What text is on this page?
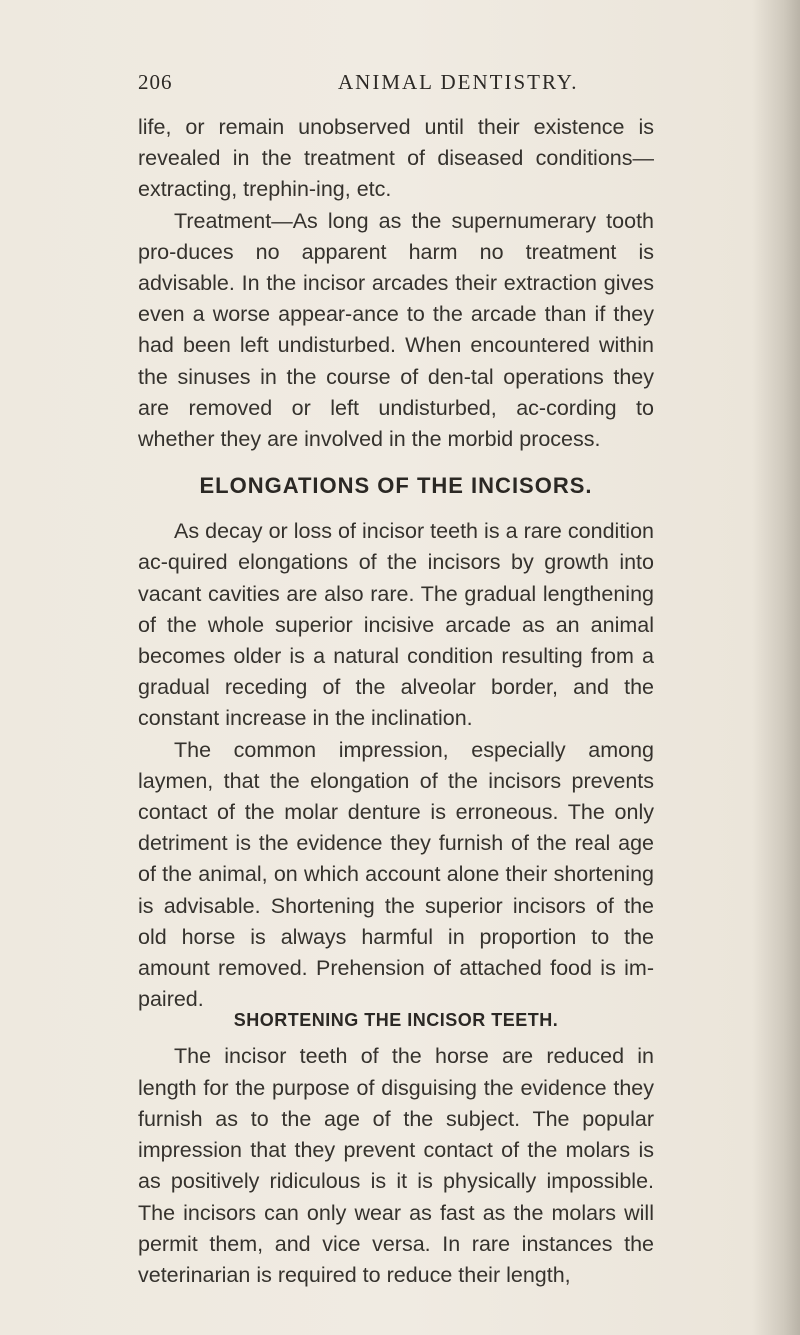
206	ANIMAL DENTISTRY.

life, or remain unobserved until their existence is revealed in the treatment of diseased conditions—extracting, trephin-ing, etc.

Treatment—As long as the supernumerary tooth pro-duces no apparent harm no treatment is advisable. In the incisor arcades their extraction gives even a worse appear-ance to the arcade than if they had been left undisturbed. When encountered within the sinuses in the course of den-tal operations they are removed or left undisturbed, ac-cording to whether they are involved in the morbid process.

ELONGATIONS OF THE INCISORS.

As decay or loss of incisor teeth is a rare condition ac-quired elongations of the incisors by growth into vacant cavities are also rare. The gradual lengthening of the whole superior incisive arcade as an animal becomes older is a natural condition resulting from a gradual receding of the alveolar border, and the constant increase in the inclination.

The common impression, especially among laymen, that the elongation of the incisors prevents contact of the molar denture is erroneous. The only detriment is the evidence they furnish of the real age of the animal, on which account alone their shortening is advisable. Shortening the superior incisors of the old horse is always harmful in proportion to the amount removed. Prehension of attached food is im-paired.

SHORTENING THE INCISOR TEETH.

The incisor teeth of the horse are reduced in length for the purpose of disguising the evidence they furnish as to the age of the subject. The popular impression that they prevent contact of the molars is as positively ridiculous is it is physically impossible. The incisors can only wear as fast as the molars will permit them, and vice versa. In rare instances the veterinarian is required to reduce their length,
